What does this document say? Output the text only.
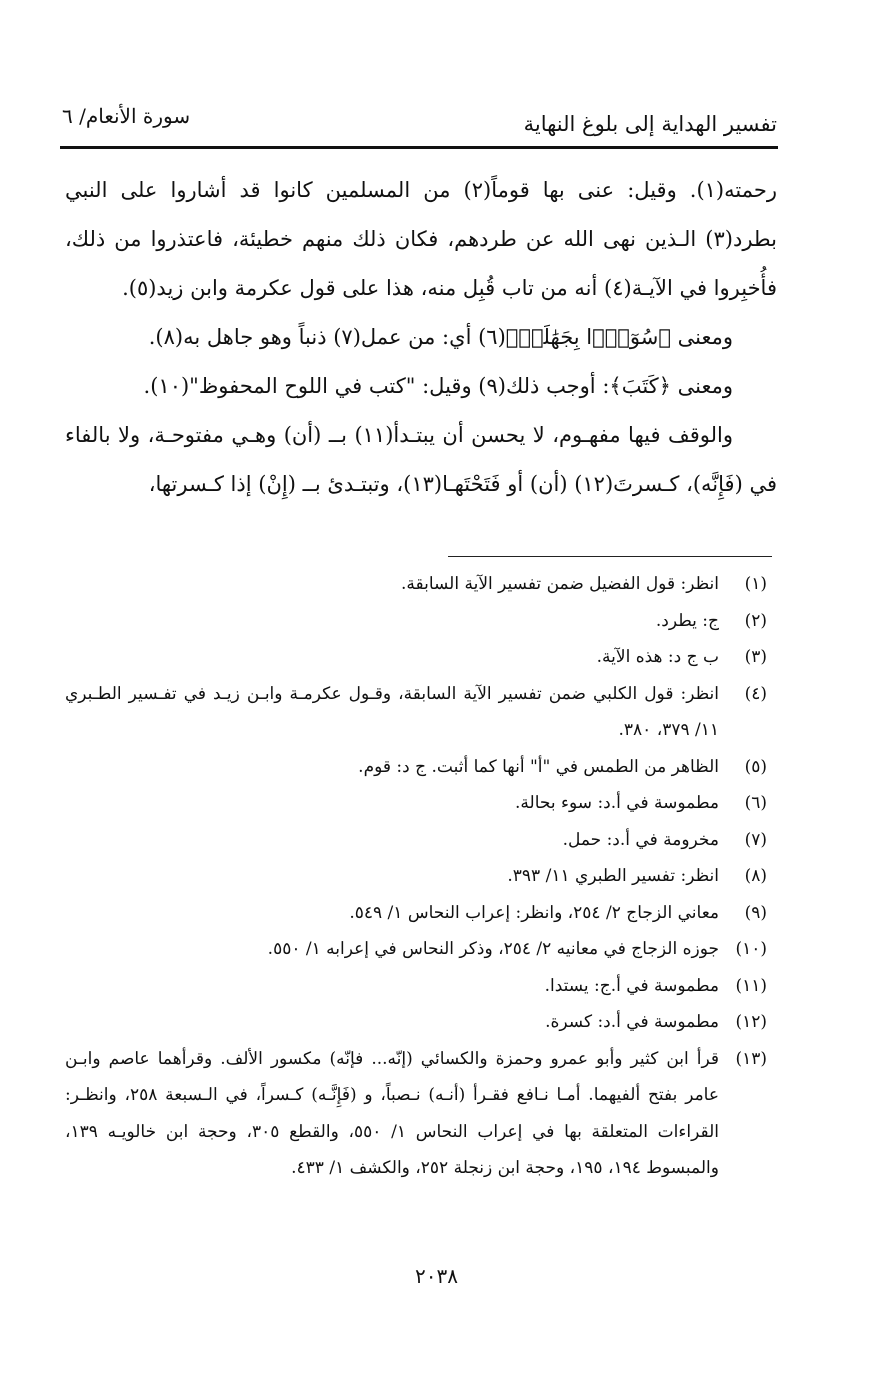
تفسير الهداية إلى بلوغ النهاية
سورة الأنعام/ ٦

رحمته(١). وقيل: عنى بها قوماً(٢) من المسلمين كانوا قد أشاروا على النبي بطرد(٣) الـذين نهى الله عن طردهم، فكان ذلك منهم خطيئة، فاعتذروا من ذلك، فأُخبِروا في الآيـة(٤) أنه من تاب قُبِل منه، هذا على قول عكرمة وابن زيد(٥).

ومعنى ﴿سُوٓءَۢا بِجَهَٰلَةٖ﴾(٦) أي: من عمل(٧) ذنباً وهو جاهل به(٨).

ومعنى ﴿كَتَبَ﴾: أوجب ذلك(٩) وقيل: "كتب في اللوح المحفوظ"(١٠).

والوقف فيها مفهـوم، لا يحسن أن يبتـدأ(١١) بــ (أن) وهـي مفتوحـة، ولا بالفاء في (فَإِنَّه)، كـسرتَ(١٢) (أن) أو فَتَحْتَهـا(١٣)، وتبتـدئ بــ (إِنْ) إذا كـسرتها،

(١)
انظر: قول الفضيل ضمن تفسير الآية السابقة.
(٢)
ج: يطرد.
(٣)
ب ج د: هذه الآية.
(٤)
انظر: قول الكلبي ضمن تفسير الآية السابقة، وقـول عكرمـة وابـن زيـد في تفـسير الطـبري ١١/ ٣٧٩، ٣٨٠.
(٥)
الظاهر من الطمس في "أ" أنها كما أثبت. ج د: قوم.
(٦)
مطموسة في أ.د: سوء بحالة.
(٧)
مخرومة في أ.د: حمل.
(٨)
انظر: تفسير الطبري ١١/ ٣٩٣.
(٩)
معاني الزجاج ٢/ ٢٥٤، وانظر: إعراب النحاس ١/ ٥٤٩.
(١٠)
جوزه الزجاج في معانيه ٢/ ٢٥٤، وذكر النحاس في إعرابه ١/ ٥٥٠.
(١١)
مطموسة في أ.ج: يستدا.
(١٢)
مطموسة في أ.د: كسرة.
(١٣)
قرأ ابن كثير وأبو عمرو وحمزة والكسائي (إنّه... فإنّه) مكسور الألف. وقرأهما عاصم وابـن عامر بفتح ألفيهما. أمـا نـافع فقـرأ (أنـه) نـصباً، و (فَإِنَّـه) كـسراً، في الـسبعة ٢٥٨، وانظـر: القراءات المتعلقة بها في إعراب النحاس ١/ ٥٥٠، والقطع ٣٠٥، وحجة ابن خالويـه ١٣٩، والمبسوط ١٩٤، ١٩٥، وحجة ابن زنجلة ٢٥٢، والكشف ١/ ٤٣٣.
٢٠٣٨
